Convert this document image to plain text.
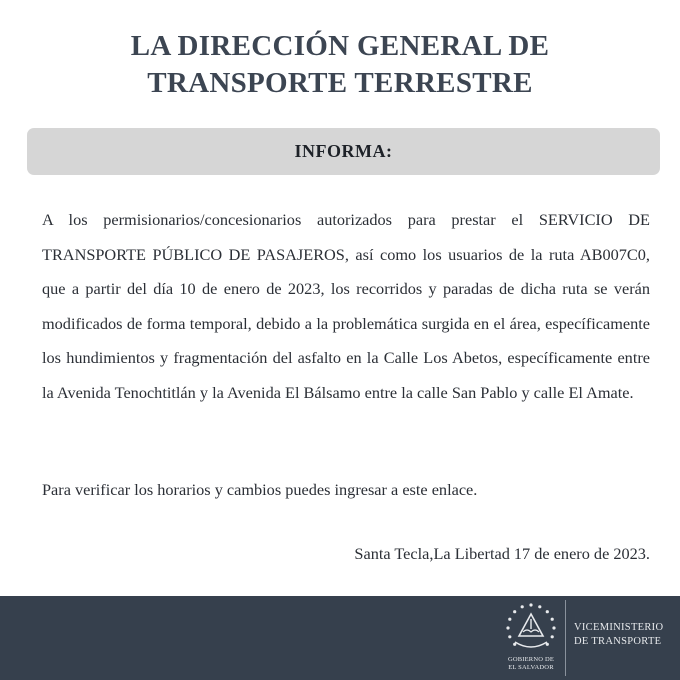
LA DIRECCIÓN GENERAL DE
TRANSPORTE TERRESTRE
INFORMA:

A los permisionarios/concesionarios autorizados para prestar el SERVICIO DE TRANSPORTE PÚBLICO DE PASAJEROS, así como los usuarios de la ruta AB007C0, que a partir del día 10 de enero de 2023, los recorridos y paradas de dicha ruta se verán modificados de forma temporal, debido a la problemática surgida en el área, específicamente los hundimientos y fragmentación del asfalto en la Calle Los Abetos, específicamente entre la Avenida Tenochtitlán y la Avenida El Bálsamo entre la calle San Pablo y calle El Amate.

Para verificar los horarios y cambios puedes ingresar a este enlace.

Santa Tecla,La Libertad 17 de enero de 2023.

GOBIERNO DE
EL SALVADOR
VICEMINISTERIO
DE TRANSPORTE
